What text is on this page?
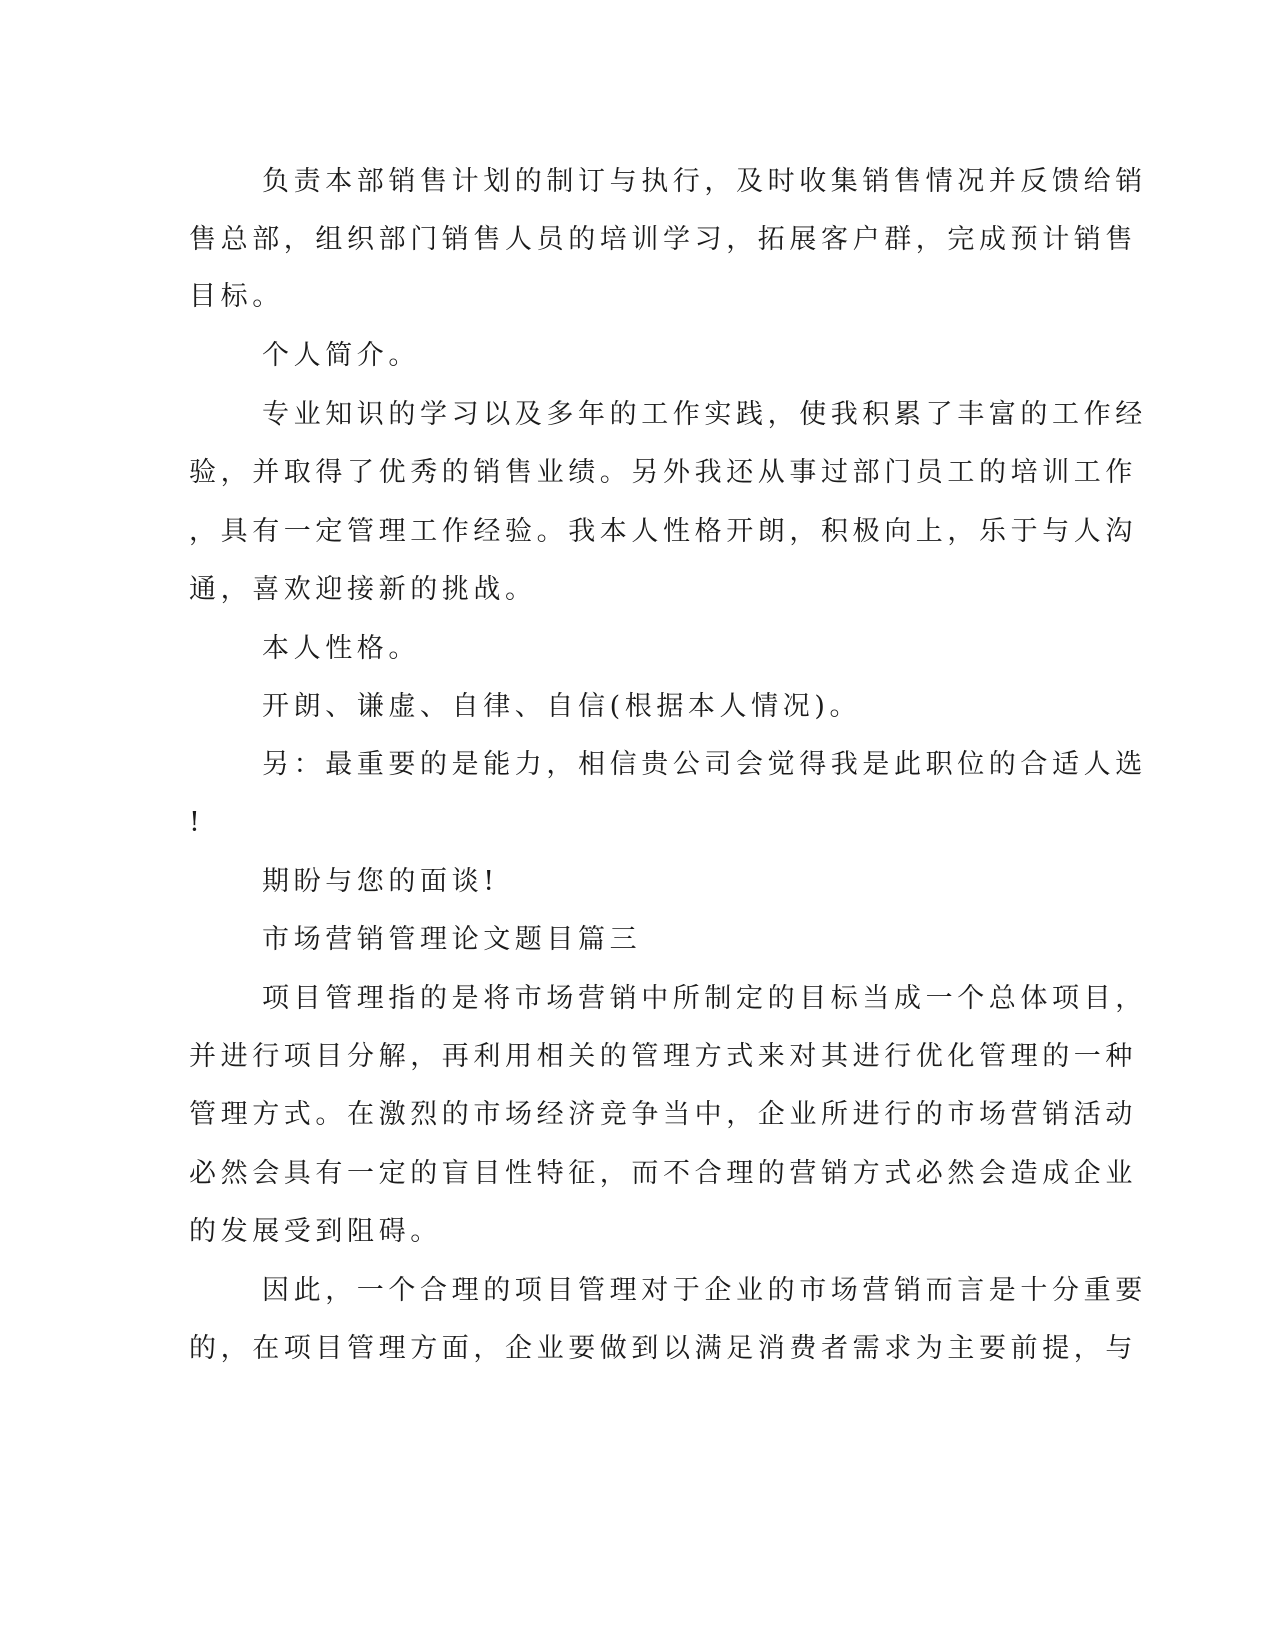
负责本部销售计划的制订与执行，及时收集销售情况并反馈给销
售总部，组织部门销售人员的培训学习，拓展客户群，完成预计销售
目标。
个人简介。
专业知识的学习以及多年的工作实践，使我积累了丰富的工作经
验，并取得了优秀的销售业绩。另外我还从事过部门员工的培训工作
，具有一定管理工作经验。我本人性格开朗，积极向上，乐于与人沟
通，喜欢迎接新的挑战。
本人性格。
开朗、谦虚、自律、自信(根据本人情况)。
另：最重要的是能力，相信贵公司会觉得我是此职位的合适人选
!
期盼与您的面谈!
市场营销管理论文题目篇三
项目管理指的是将市场营销中所制定的目标当成一个总体项目，
并进行项目分解，再利用相关的管理方式来对其进行优化管理的一种
管理方式。在激烈的市场经济竞争当中，企业所进行的市场营销活动
必然会具有一定的盲目性特征，而不合理的营销方式必然会造成企业
的发展受到阻碍。
因此，一个合理的项目管理对于企业的市场营销而言是十分重要
的，在项目管理方面，企业要做到以满足消费者需求为主要前提，与
